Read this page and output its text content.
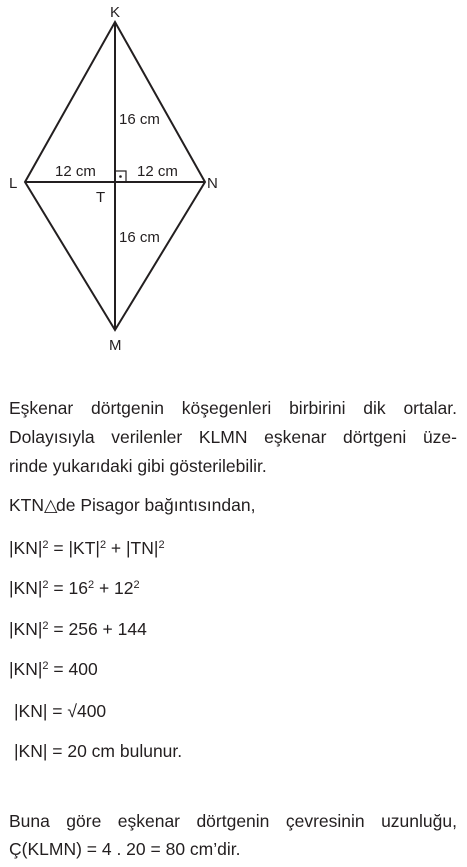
K
L	N
M
T
16 cm
16 cm
12 cm	12 cm
Eşkenar dörtgenin köşegenleri birbirini dik ortalar.
Dolayısıyla verilenler KLMN eşkenar dörtgeni üze-
rinde yukarıdaki gibi gösterilebilir.
KTN△de Pisagor bağıntısından,
$|KN|^2 = |KT|^2 + |TN|^2$
$|KN|^2 = 16^2 + 12^2$
$|KN|^2 = 256 + 144$
$|KN|^2 = 400$
|KN| = √400
|KN| = 20 cm bulunur.
Buna göre eşkenar dörtgenin çevresinin uzunluğu,
Ç(KLMN) = 4 . 20 = 80 cm’dir.
